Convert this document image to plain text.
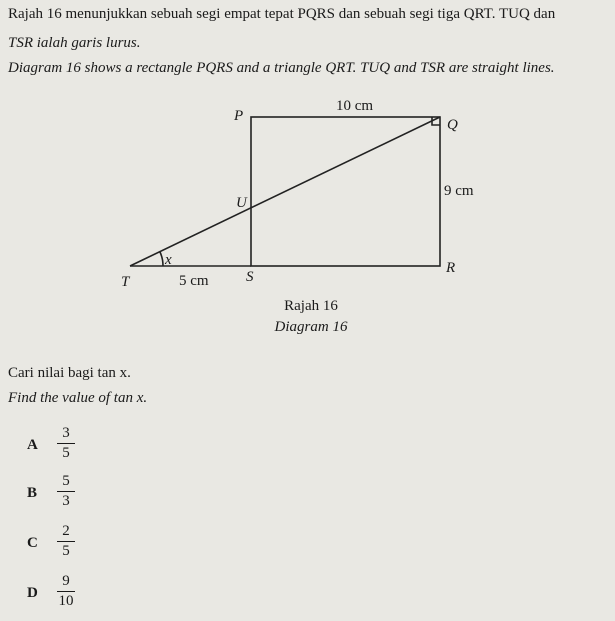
Rajah 16 menunjukkan sebuah segi empat tepat PQRS dan sebuah segi tiga QRT. TUQ dan
TSR ialah garis lurus.
Diagram 16 shows a rectangle PQRS and a triangle QRT. TUQ and TSR are straight lines.
P
Q
R
S
T
U
x
10 cm
9 cm
5 cm
Rajah 16
Diagram 16
Cari nilai bagi tan x.
Find the value of tan x.
A
3
5
B
5
3
C
2
5
D
9
10
